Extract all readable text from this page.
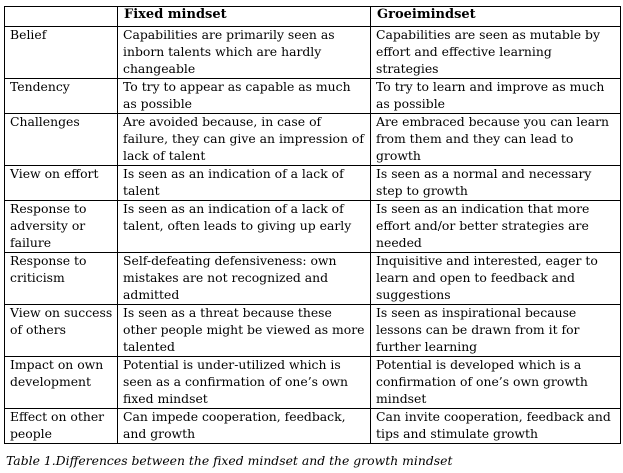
	Fixed mindset	Groeimindset
Belief	Capabilities are primarily seen as inborn talents which are hardly changeable	Capabilities are seen as mutable by effort and effective learning strategies
Tendency	To try to appear as capable as much as possible	To try to learn and improve as much as possible
Challenges	Are avoided because, in case of failure, they can give an impression of lack of talent	Are embraced because you can learn from them and they can lead to growth
View on effort	Is seen as an indication of a lack of talent	Is seen as a normal and necessary step to growth
Response to adversity or failure	Is seen as an indication of a lack of talent, often leads to giving up early	Is seen as an indication that more effort and/or better strategies are needed
Response to criticism	Self-defeating defensiveness: own mistakes are not recognized and admitted	Inquisitive and interested, eager to learn and open to feedback and suggestions
View on success of others	Is seen as a threat because these other people might be viewed as more talented	Is seen as inspirational because lessons can be drawn from it for further learning
Impact on own development	Potential is under-utilized which is seen as a confirmation of one’s own fixed mindset	Potential is developed which is a confirmation of one’s own growth mindset
Effect on other people	Can impede cooperation, feedback, and growth	Can invite cooperation, feedback and tips and stimulate growth
Table 1.Differences between the fixed mindset and the growth mindset
